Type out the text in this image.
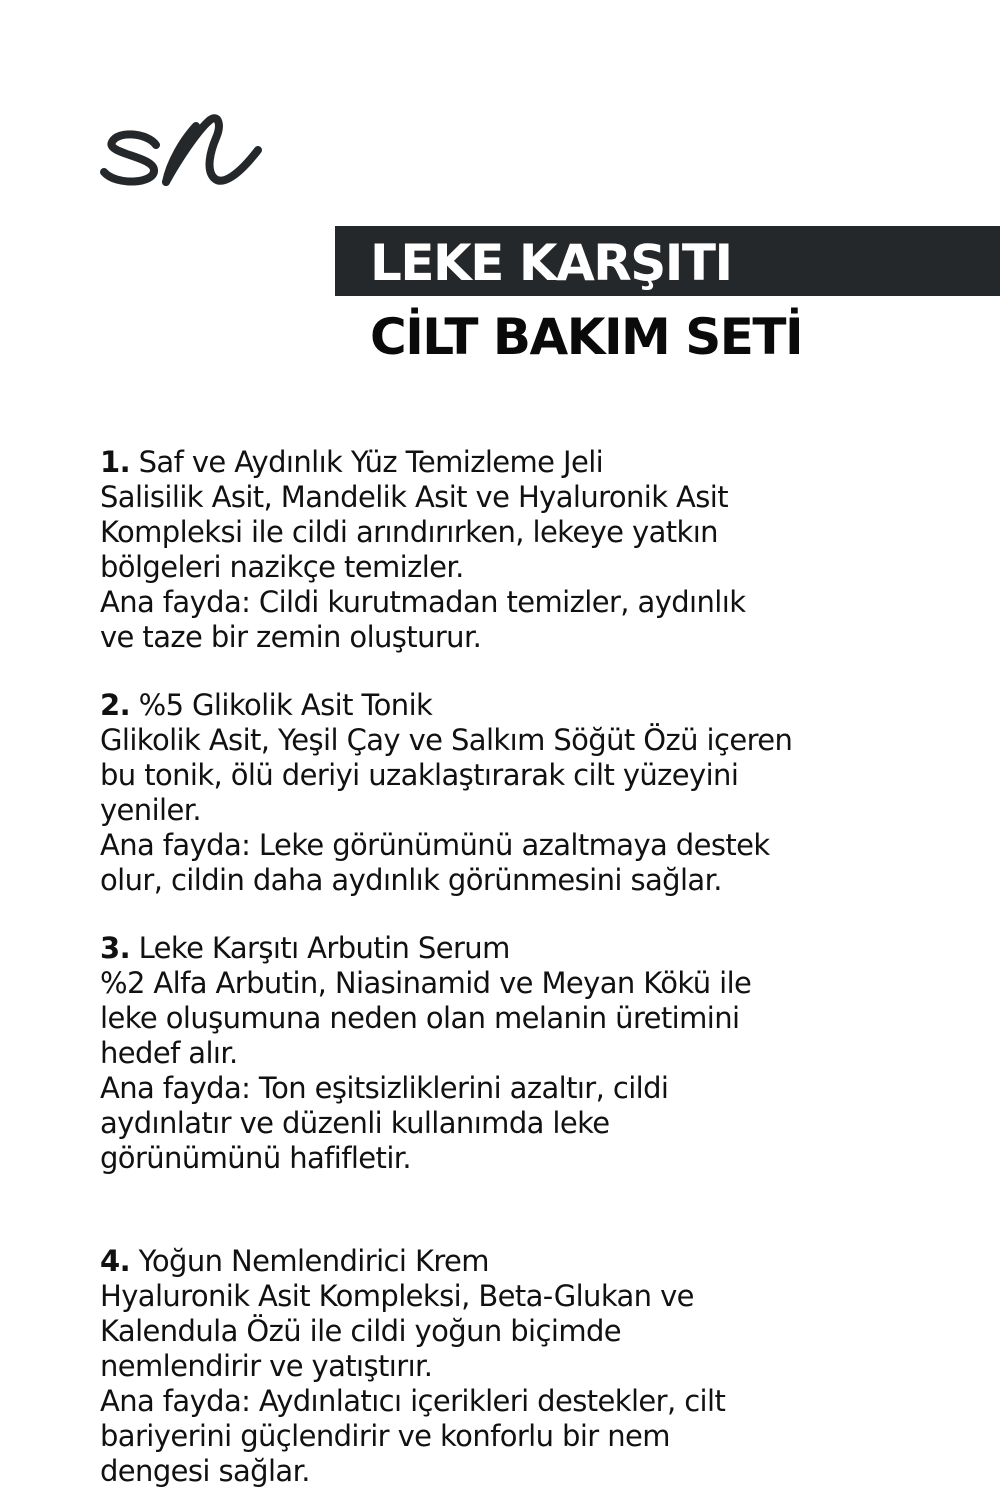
LEKE KARŞITI
CİLT BAKIM SETİ

1. Saf ve Aydınlık Yüz Temizleme Jeli

Salisilik Asit, Mandelik Asit ve Hyaluronik Asit

Kompleksi ile cildi arındırırken, lekeye yatkın

bölgeleri nazikçe temizler.

Ana fayda: Cildi kurutmadan temizler, aydınlık

ve taze bir zemin oluşturur.

2. %5 Glikolik Asit Tonik

Glikolik Asit, Yeşil Çay ve Salkım Söğüt Özü içeren

bu tonik, ölü deriyi uzaklaştırarak cilt yüzeyini

yeniler.

Ana fayda: Leke görünümünü azaltmaya destek

olur, cildin daha aydınlık görünmesini sağlar.

3. Leke Karşıtı Arbutin Serum

%2 Alfa Arbutin, Niasinamid ve Meyan Kökü ile

leke oluşumuna neden olan melanin üretimini

hedef alır.

Ana fayda: Ton eşitsizliklerini azaltır, cildi

aydınlatır ve düzenli kullanımda leke

görünümünü hafifletir.

4. Yoğun Nemlendirici Krem

Hyaluronik Asit Kompleksi, Beta-Glukan ve

Kalendula Özü ile cildi yoğun biçimde

nemlendirir ve yatıştırır.

Ana fayda: Aydınlatıcı içerikleri destekler, cilt

bariyerini güçlendirir ve konforlu bir nem

dengesi sağlar.
